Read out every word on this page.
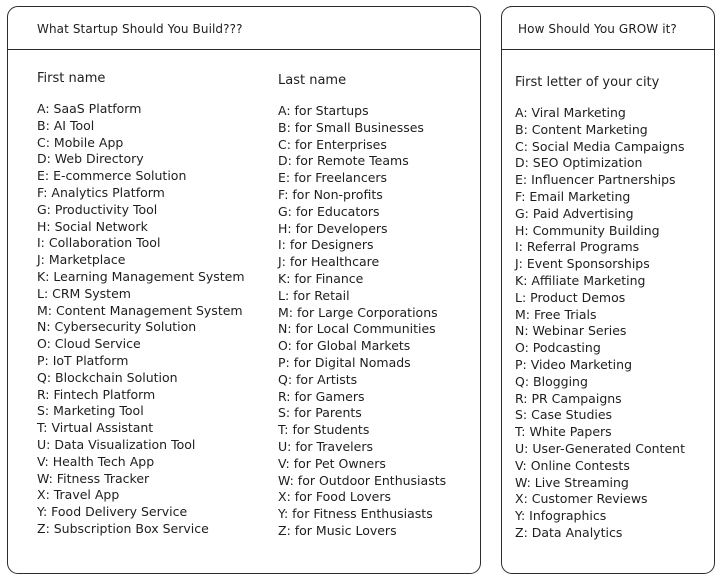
What Startup Should You Build???
First name
A: SaaS Platform
B: AI Tool
C: Mobile App
D: Web Directory
E: E-commerce Solution
F: Analytics Platform
G: Productivity Tool
H: Social Network
I: Collaboration Tool
J: Marketplace
K: Learning Management System
L: CRM System
M: Content Management System
N: Cybersecurity Solution
O: Cloud Service
P: IoT Platform
Q: Blockchain Solution
R: Fintech Platform
S: Marketing Tool
T: Virtual Assistant
U: Data Visualization Tool
V: Health Tech App
W: Fitness Tracker
X: Travel App
Y: Food Delivery Service
Z: Subscription Box Service
Last name
A: for Startups
B: for Small Businesses
C: for Enterprises
D: for Remote Teams
E: for Freelancers
F: for Non-profits
G: for Educators
H: for Developers
I: for Designers
J: for Healthcare
K: for Finance
L: for Retail
M: for Large Corporations
N: for Local Communities
O: for Global Markets
P: for Digital Nomads
Q: for Artists
R: for Gamers
S: for Parents
T: for Students
U: for Travelers
V: for Pet Owners
W: for Outdoor Enthusiasts
X: for Food Lovers
Y: for Fitness Enthusiasts
Z: for Music Lovers
How Should You GROW it?
First letter of your city
A: Viral Marketing
B: Content Marketing
C: Social Media Campaigns
D: SEO Optimization
E: Influencer Partnerships
F: Email Marketing
G: Paid Advertising
H: Community Building
I: Referral Programs
J: Event Sponsorships
K: Affiliate Marketing
L: Product Demos
M: Free Trials
N: Webinar Series
O: Podcasting
P: Video Marketing
Q: Blogging
R: PR Campaigns
S: Case Studies
T: White Papers
U: User-Generated Content
V: Online Contests
W: Live Streaming
X: Customer Reviews
Y: Infographics
Z: Data Analytics
